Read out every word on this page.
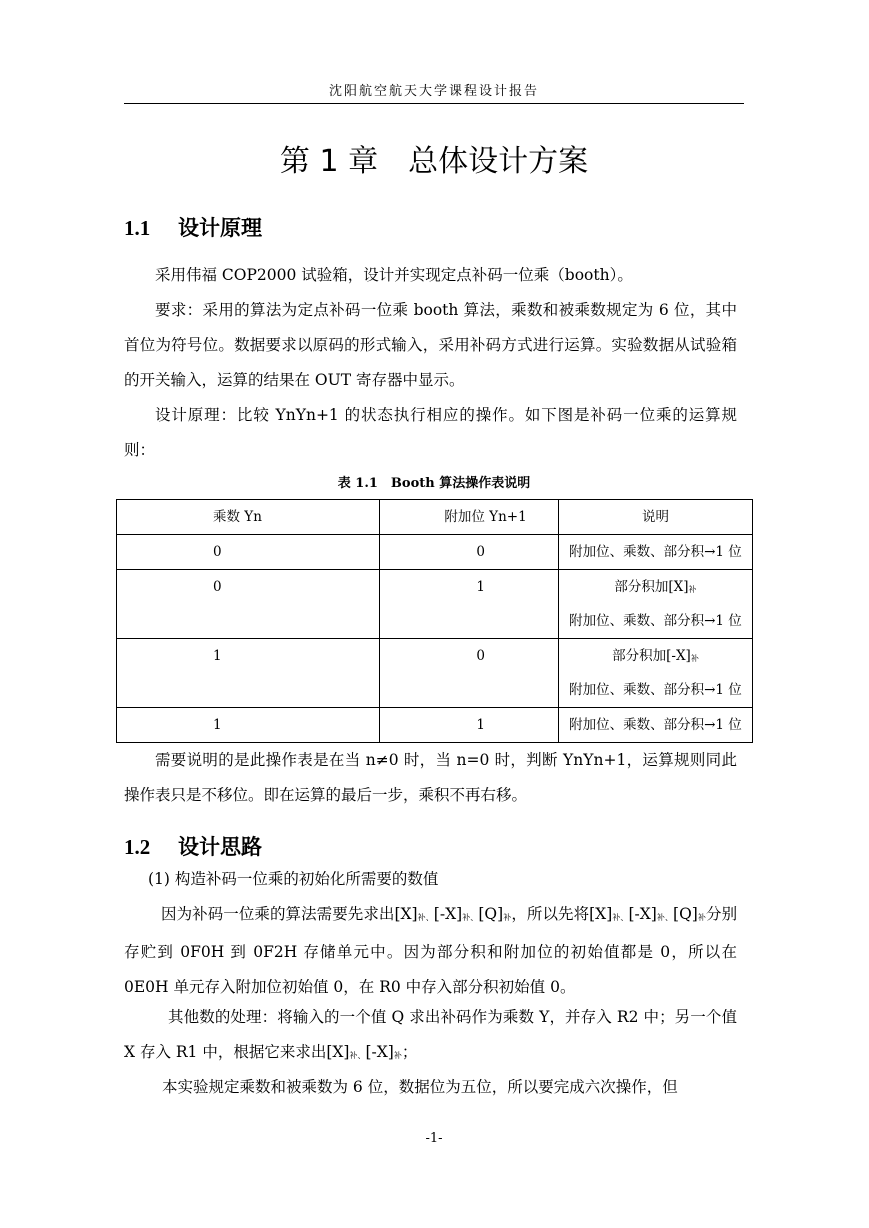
沈阳航空航天大学课程设计报告
第 1 章　总体设计方案
1.1 设计原理
采用伟福 COP2000 试验箱，设计并实现定点补码一位乘（booth）。
要求：采用的算法为定点补码一位乘 booth 算法，乘数和被乘数规定为 6 位，其中首位为符号位。数据要求以原码的形式输入，采用补码方式进行运算。实验数据从试验箱的开关输入，运算的结果在 OUT 寄存器中显示。
设计原理：比较 YnYn+1 的状态执行相应的操作。如下图是补码一位乘的运算规则：
表 1.1　Booth 算法操作表说明
乘数 Yn	附加位 Yn+1	说明

0	0	附加位、乘数、部分积→1 位

0	1	部分积加[X]补
附加位、乘数、部分积→1 位

1	0	部分积加[-X]补
附加位、乘数、部分积→1 位

1	1	附加位、乘数、部分积→1 位
需要说明的是此操作表是在当 n≠0 时，当 n=0 时，判断 YnYn+1，运算规则同此操作表只是不移位。即在运算的最后一步，乘积不再右移。
1.2 设计思路
(1) 构造补码一位乘的初始化所需要的数值
因为补码一位乘的算法需要先求出[X]补、[-X]补、[Q]补，所以先将[X]补、[-X]补、[Q]补分别存贮到 0F0H 到 0F2H 存储单元中。因为部分积和附加位的初始值都是 0，所以在 0E0H 单元存入附加位初始值 0，在 R0 中存入部分积初始值 0。
其他数的处理：将输入的一个值 Q 求出补码作为乘数 Y，并存入 R2 中；另一个值 X 存入 R1 中，根据它来求出[X]补、[-X]补；
本实验规定乘数和被乘数为 6 位，数据位为五位，所以要完成六次操作，但
-1-
